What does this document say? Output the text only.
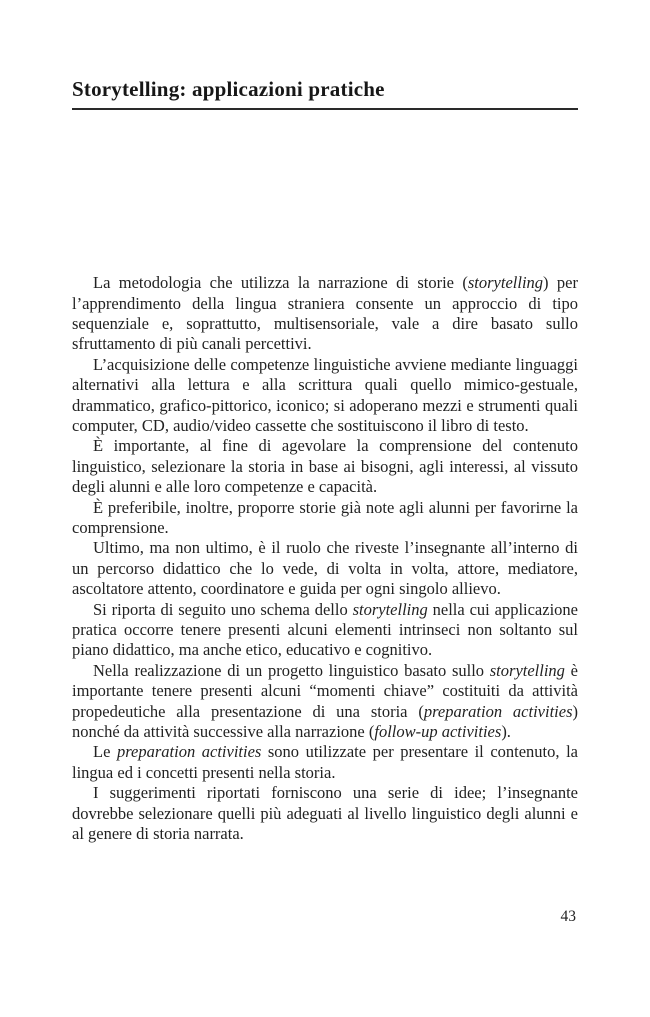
Storytelling: applicazioni pratiche

La metodologia che utilizza la narrazione di storie (storytelling) per l’apprendimento della lingua straniera consente un approccio di tipo sequenziale e, soprattutto, multisensoriale, vale a dire basato sullo sfruttamento di più canali percettivi.

L’acquisizione delle competenze linguistiche avviene mediante linguaggi alternativi alla lettura e alla scrittura quali quello mimico-gestuale, drammatico, grafico-pittorico, iconico; si adoperano mezzi e strumenti quali computer, CD, audio/video cassette che sostituiscono il libro di testo.

È importante, al fine di agevolare la comprensione del contenuto linguistico, selezionare la storia in base ai bisogni, agli interessi, al vissuto degli alunni e alle loro competenze e capacità.

È preferibile, inoltre, proporre storie già note agli alunni per favorirne la comprensione.

Ultimo, ma non ultimo, è il ruolo che riveste l’insegnante all’interno di un percorso didattico che lo vede, di volta in volta, attore, mediatore, ascoltatore attento, coordinatore e guida per ogni singolo allievo.

Si riporta di seguito uno schema dello storytelling nella cui applicazione pratica occorre tenere presenti alcuni elementi intrinseci non soltanto sul piano didattico, ma anche etico, educativo e cognitivo.

Nella realizzazione di un progetto linguistico basato sullo storytelling è importante tenere presenti alcuni “momenti chiave” costituiti da attività propedeutiche alla presentazione di una storia (preparation activities) nonché da attività successive alla narrazione (follow-up activities).

Le preparation activities sono utilizzate per presentare il contenuto, la lingua ed i concetti presenti nella storia.

I suggerimenti riportati forniscono una serie di idee; l’insegnante dovrebbe selezionare quelli più adeguati al livello linguistico degli alunni e al genere di storia narrata.

43
